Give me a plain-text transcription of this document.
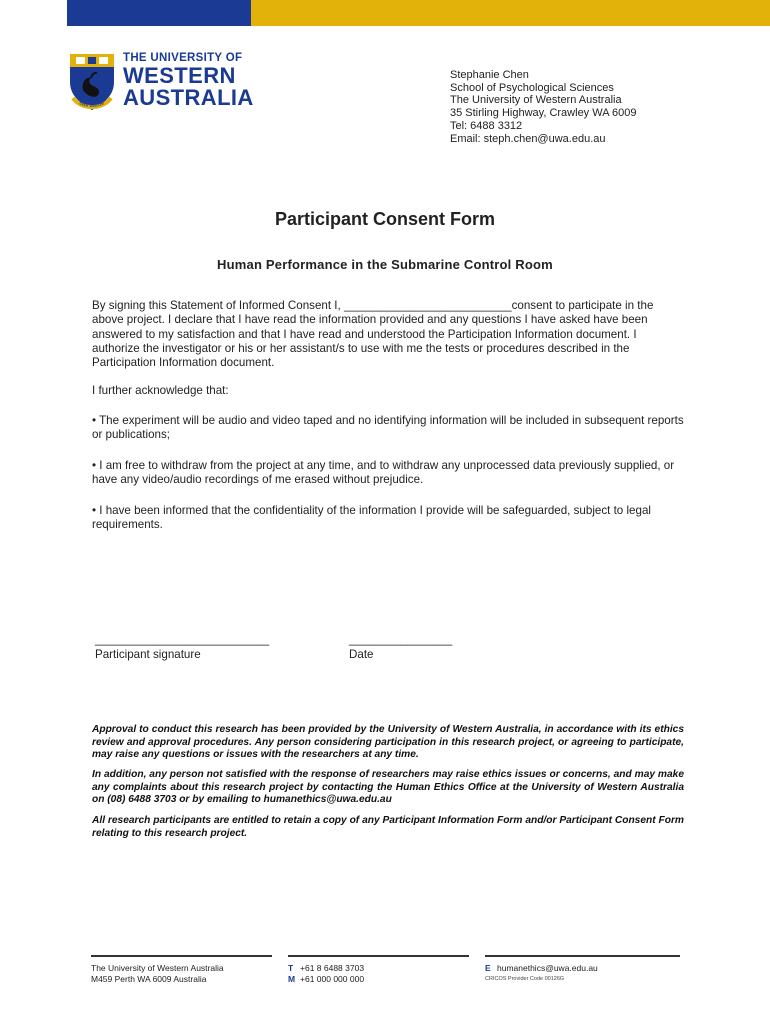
SEEK WISDOM
THE UNIVERSITY OF
WESTERN
AUSTRALIA
Stephanie Chen
School of Psychological Sciences
The University of Western Australia
35 Stirling Highway, Crawley WA 6009
Tel: 6488 3312
Email: steph.chen@uwa.edu.au
Participant Consent Form
Human Performance in the Submarine Control Room
By signing this Statement of Informed Consent I, __________________________consent to participate in the above project. I declare that I have read the information provided and any questions I have asked have been answered to my satisfaction and that I have read and understood the Participation Information document. I authorize the investigator or his or her assistant/s to use with me the tests or procedures described in the Participation Information document.
I further acknowledge that:
• The experiment will be audio and video taped and no identifying information will be included in subsequent reports or publications;
• I am free to withdraw from the project at any time, and to withdraw any unprocessed data previously supplied, or have any video/audio recordings of me erased without prejudice.
• I have been informed that the confidentiality of the information I provide will be safeguarded, subject to legal requirements.
___________________________
Participant signature
________________
Date
Approval to conduct this research has been provided by the University of Western Australia, in accordance with its ethics review and approval procedures. Any person considering participation in this research project, or agreeing to participate, may raise any questions or issues with the researchers at any time.
In addition, any person not satisfied with the response of researchers may raise ethics issues or concerns, and may make any complaints about this research project by contacting the Human Ethics Office at the University of Western Australia on (08) 6488 3703 or by emailing to humanethics@uwa.edu.au
All research participants are entitled to retain a copy of any Participant Information Form and/or Participant Consent Form relating to this research project.
The University of Western Australia
M459 Perth WA 6009 Australia
T +61 8 6488 3703
M +61 000 000 000
E humanethics@uwa.edu.au
CRICOS Provider Code 00126G
